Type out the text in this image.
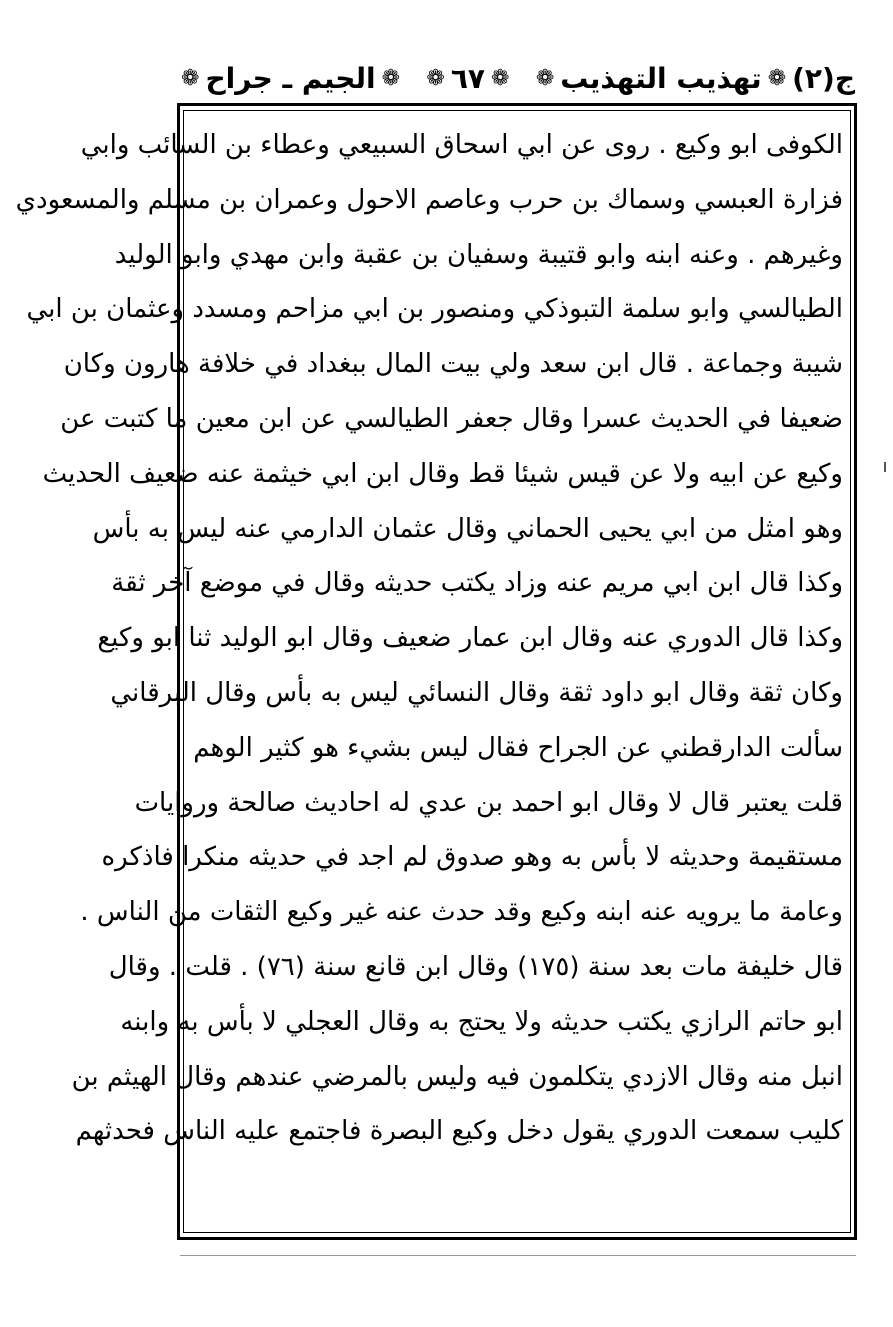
ج(٢)
❁
تهذيب التهذيب
❁
❁
٦٧
❁
❁
الجيم ـ جراح
❁
الكوفى ابو وكيع . روى عن ابي اسحاق السبيعي وعطاء بن السائب وابي
فزارة العبسي وسماك بن حرب وعاصم الاحول وعمران بن مسلم والمسعودي
وغيرهم . وعنه ابنه وابو قتيبة وسفيان بن عقبة وابن مهدي وابو الوليد
الطيالسي وابو سلمة التبوذكي ومنصور بن ابي مزاحم ومسدد وعثمان بن ابي
شيبة وجماعة . قال ابن سعد ولي بيت المال ببغداد في خلافة هارون وكان
ضعيفا في الحديث عسرا وقال جعفر الطيالسي عن ابن معين ما كتبت عن
وكيع عن ابيه ولا عن قيس شيئا قط وقال ابن ابي خيثمة عنه ضعيف الحديث
وهو امثل من ابي يحيى الحماني وقال عثمان الدارمي عنه ليس به بأس
وكذا قال ابن ابي مريم عنه وزاد يكتب حديثه وقال في موضع آخر ثقة
وكذا قال الدوري عنه وقال ابن عمار ضعيف وقال ابو الوليد ثنا ابو وكيع
وكان ثقة وقال ابو داود ثقة وقال النسائي ليس به بأس وقال البرقاني
سألت الدارقطني عن الجراح فقال ليس بشيء هو كثير الوهم
قلت يعتبر قال لا وقال ابو احمد بن عدي له احاديث صالحة وروايات
مستقيمة وحديثه لا بأس به وهو صدوق لم اجد في حديثه منكرا فاذكره
وعامة ما يرويه عنه ابنه وكيع وقد حدث عنه غير وكيع الثقات من الناس .
قال خليفة مات بعد سنة (١٧٥) وقال ابن قانع سنة (٧٦) . قلت . وقال
ابو حاتم الرازي يكتب حديثه ولا يحتج به وقال العجلي لا بأس به وابنه
انبل منه وقال الازدي يتكلمون فيه وليس بالمرضي عندهم وقال الهيثم بن
كليب سمعت الدوري يقول دخل وكيع البصرة فاجتمع عليه الناس فحدثهم
